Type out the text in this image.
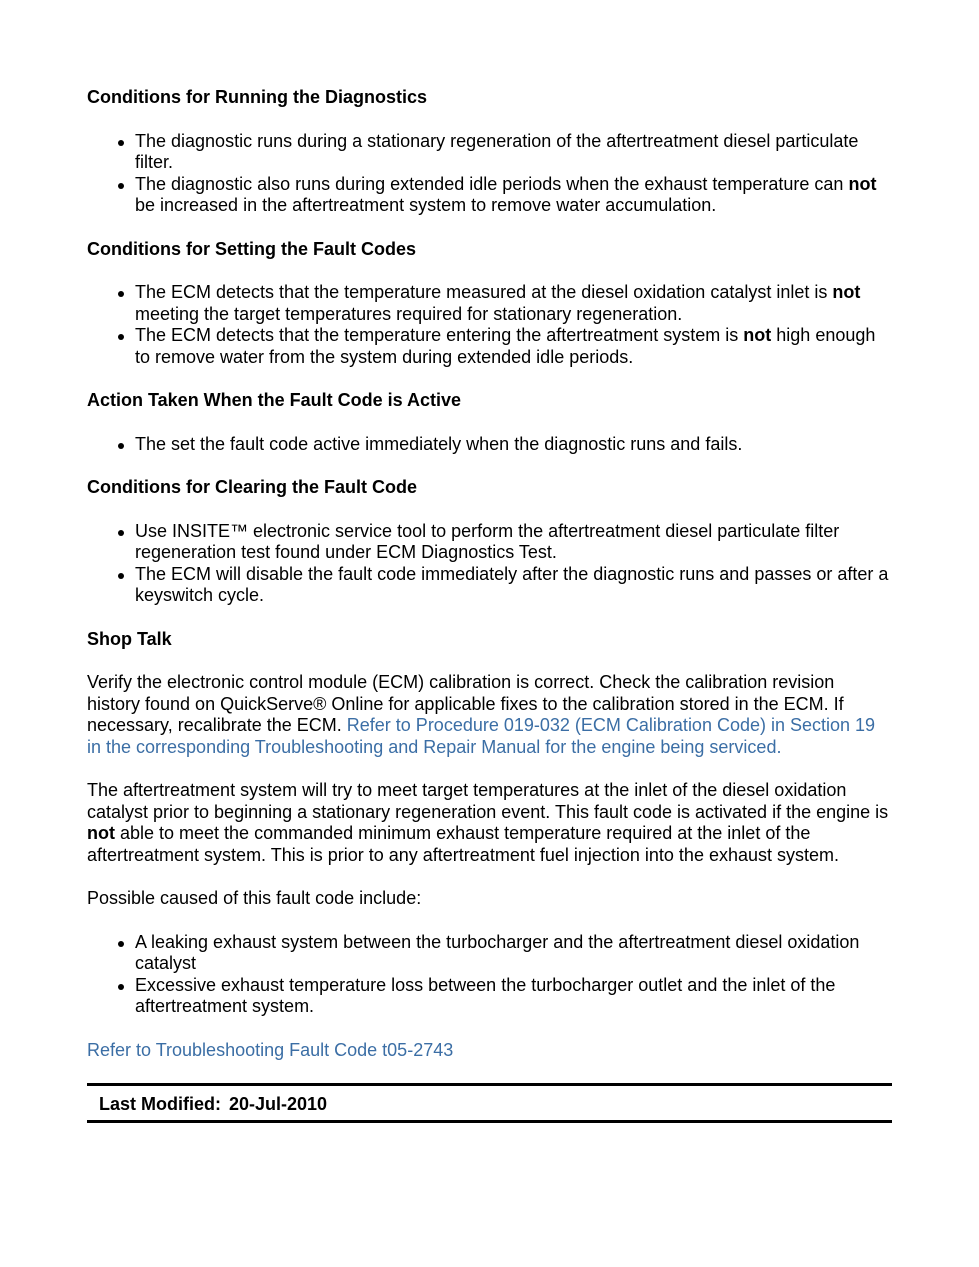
Conditions for Running the Diagnostics
The diagnostic runs during a stationary regeneration of the aftertreatment diesel particulate filter.
The diagnostic also runs during extended idle periods when the exhaust temperature can not be increased in the aftertreatment system to remove water accumulation.
Conditions for Setting the Fault Codes
The ECM detects that the temperature measured at the diesel oxidation catalyst inlet is not meeting the target temperatures required for stationary regeneration.
The ECM detects that the temperature entering the aftertreatment system is not high enough to remove water from the system during extended idle periods.
Action Taken When the Fault Code is Active
The set the fault code active immediately when the diagnostic runs and fails.
Conditions for Clearing the Fault Code
Use INSITE™ electronic service tool to perform the aftertreatment diesel particulate filter regeneration test found under ECM Diagnostics Test.
The ECM will disable the fault code immediately after the diagnostic runs and passes or after a keyswitch cycle.
Shop Talk

Verify the electronic control module (ECM) calibration is correct. Check the calibration revision history found on QuickServe® Online for applicable fixes to the calibration stored in the ECM. If necessary, recalibrate the ECM. Refer to Procedure 019-032 (ECM Calibration Code) in Section 19 in the corresponding Troubleshooting and Repair Manual for the engine being serviced.

The aftertreatment system will try to meet target temperatures at the inlet of the diesel oxidation catalyst prior to beginning a stationary regeneration event. This fault code is activated if the engine is not able to meet the commanded minimum exhaust temperature required at the inlet of the aftertreatment system. This is prior to any aftertreatment fuel injection into the exhaust system.

Possible caused of this fault code include:

A leaking exhaust system between the turbocharger and the aftertreatment diesel oxidation catalyst
Excessive exhaust temperature loss between the turbocharger outlet and the inlet of the aftertreatment system.

Refer to Troubleshooting Fault Code t05-2743

Last Modified: 20-Jul-2010
